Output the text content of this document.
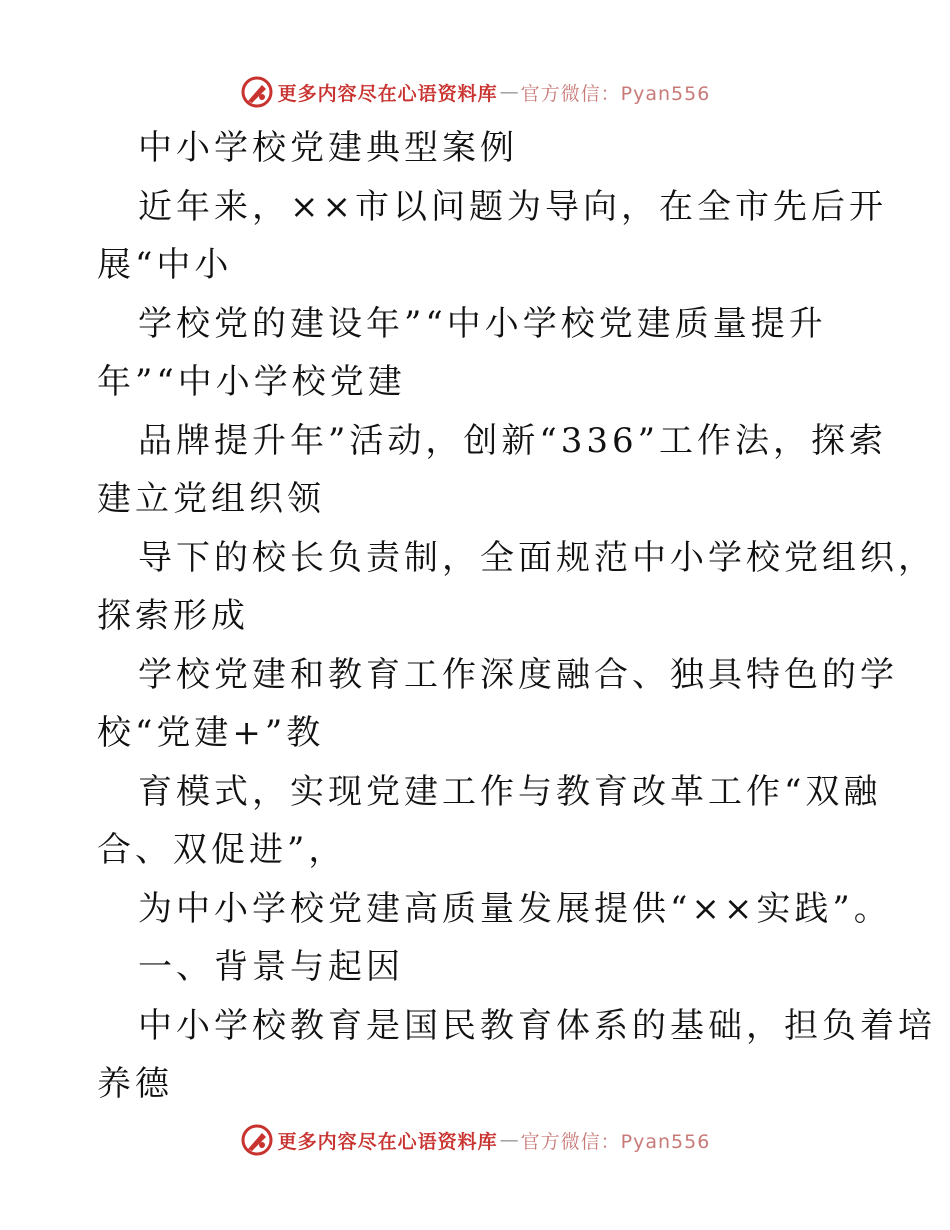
更多内容尽在心语资料库 — 官方微信：Pyan556
中小学校党建典型案例
近年来，××市以问题为导向，在全市先后开
展“中小
学校党的建设年”“中小学校党建质量提升
年”“中小学校党建
品牌提升年”活动，创新“336”工作法，探索
建立党组织领
导下的校长负责制，全面规范中小学校党组织，
探索形成
学校党建和教育工作深度融合、独具特色的学
校“党建+”教
育模式，实现党建工作与教育改革工作“双融
合、双促进”，
为中小学校党建高质量发展提供“××实践”。
一、背景与起因
中小学校教育是国民教育体系的基础，担负着培
养德
更多内容尽在心语资料库 — 官方微信：Pyan556
